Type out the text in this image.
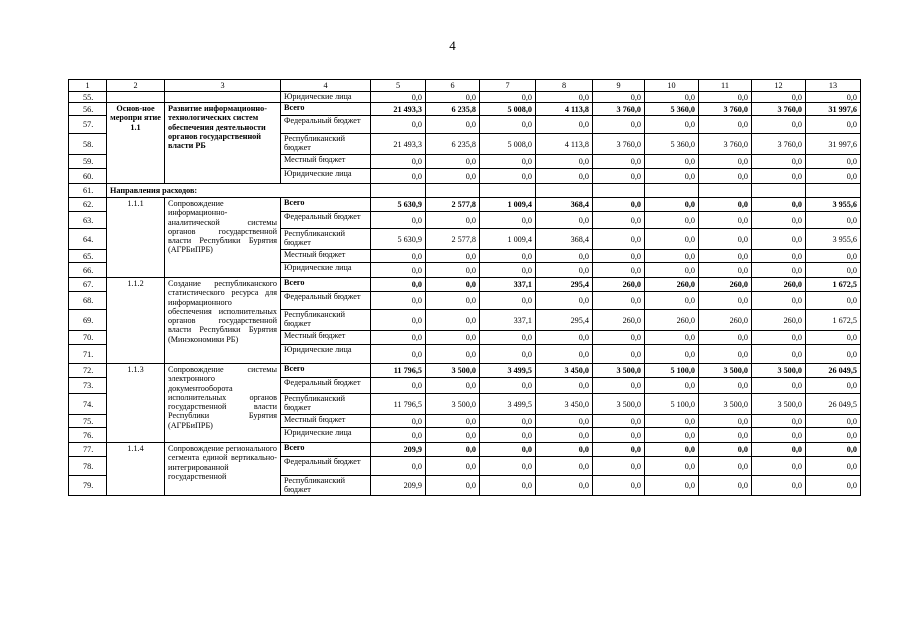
4
1	2	3	4	5	6	7	8	9	10	11	12	13
55.			Юридические лица	0,0	0,0	0,0	0,0	0,0	0,0	0,0	0,0	0,0
56.	Основ-ное меропри ятие 1.1	Развитие информационно-технологических систем обеспечения деятельности органов государственной власти РБ	Всего	21 493,3	6 235,8	5 008,0	4 113,8	3 760,0	5 360,0	3 760,0	3 760,0	31 997,6
57.			Федеральный бюджет	0,0	0,0	0,0	0,0	0,0	0,0	0,0	0,0	0,0
58.			Республиканский бюджет	21 493,3	6 235,8	5 008,0	4 113,8	3 760,0	5 360,0	3 760,0	3 760,0	31 997,6
59.			Местный бюджет	0,0	0,0	0,0	0,0	0,0	0,0	0,0	0,0	0,0
60.			Юридические лица	0,0	0,0	0,0	0,0	0,0	0,0	0,0	0,0	0,0
61.	Направления расходов:											
62.	1.1.1	Сопровождение информационно-аналитической системы органов государственной власти Республики Бурятия (АГРБиПРБ)	Всего	5 630,9	2 577,8	1 009,4	368,4	0,0	0,0	0,0	0,0	3 955,6
63.			Федеральный бюджет	0,0	0,0	0,0	0,0	0,0	0,0	0,0	0,0	0,0
64.			Республиканский бюджет	5 630,9	2 577,8	1 009,4	368,4	0,0	0,0	0,0	0,0	3 955,6
65.			Местный бюджет	0,0	0,0	0,0	0,0	0,0	0,0	0,0	0,0	0,0
66.			Юридические лица	0,0	0,0	0,0	0,0	0,0	0,0	0,0	0,0	0,0
67.	1.1.2	Создание республиканского статистического ресурса для информационного обеспечения исполнительных органов государственной власти Республики Бурятия (Минэкономики РБ)	Всего	0,0	0,0	337,1	295,4	260,0	260,0	260,0	260,0	1 672,5
68.			Федеральный бюджет	0,0	0,0	0,0	0,0	0,0	0,0	0,0	0,0	0,0
69.			Республиканский бюджет	0,0	0,0	337,1	295,4	260,0	260,0	260,0	260,0	1 672,5
70.			Местный бюджет	0,0	0,0	0,0	0,0	0,0	0,0	0,0	0,0	0,0
71.			Юридические лица	0,0	0,0	0,0	0,0	0,0	0,0	0,0	0,0	0,0
72.	1.1.3	Сопровождение системы электронного документооборота исполнительных органов государственной власти Республики Бурятия (АГРБиПРБ)	Всего	11 796,5	3 500,0	3 499,5	3 450,0	3 500,0	5 100,0	3 500,0	3 500,0	26 049,5
73.			Федеральный бюджет	0,0	0,0	0,0	0,0	0,0	0,0	0,0	0,0	0,0
74.			Республиканский бюджет	11 796,5	3 500,0	3 499,5	3 450,0	3 500,0	5 100,0	3 500,0	3 500,0	26 049,5
75.			Местный бюджет	0,0	0,0	0,0	0,0	0,0	0,0	0,0	0,0	0,0
76.			Юридические лица	0,0	0,0	0,0	0,0	0,0	0,0	0,0	0,0	0,0
77.	1.1.4	Сопровождение регионального сегмента единой вертикально-интегрированной государственной	Всего	209,9	0,0	0,0	0,0	0,0	0,0	0,0	0,0	0,0
78.			Федеральный бюджет	0,0	0,0	0,0	0,0	0,0	0,0	0,0	0,0	0,0
79.			Республиканский бюджет	209,9	0,0	0,0	0,0	0,0	0,0	0,0	0,0	0,0
